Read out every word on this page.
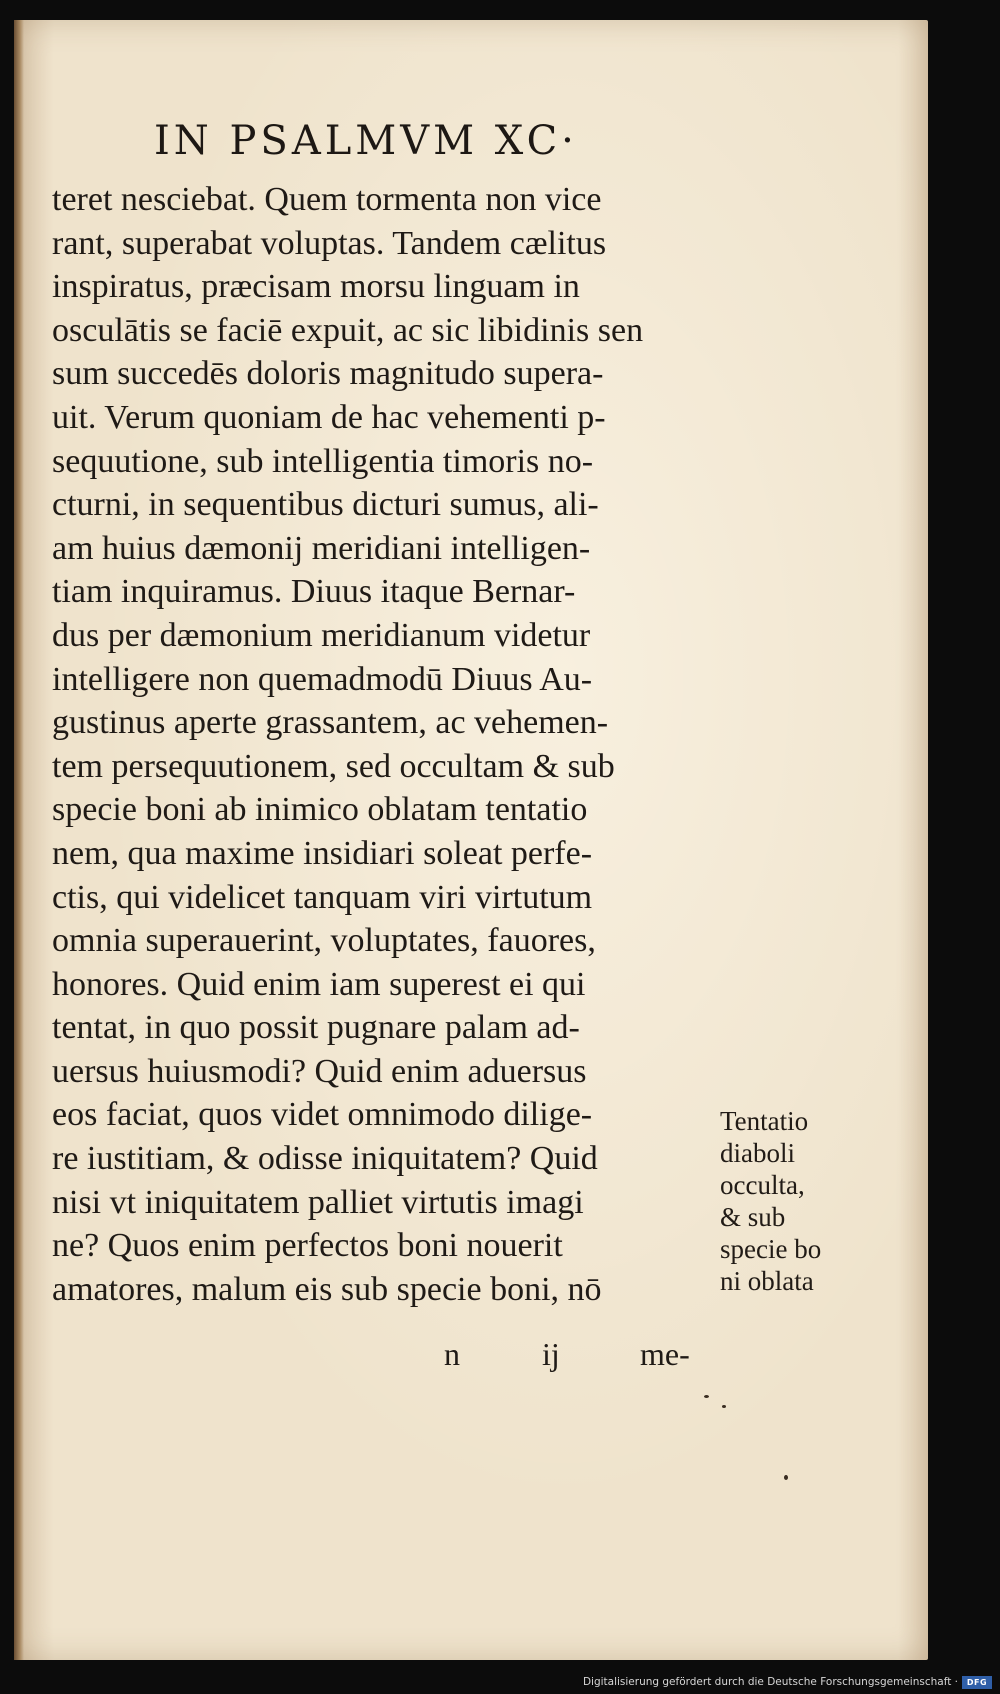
IN PSALMVM XC·
teret nesciebat. Quem tormenta non vice
rant, superabat voluptas. Tandem cælitus
inspiratus, præcisam morsu linguam in
osculātis se faciē expuit, ac sic libidinis sen
sum succedēs doloris magnitudo supera-
uit. Verum quoniam de hac vehementi p-
sequutione, sub intelligentia timoris no-
cturni, in sequentibus dicturi sumus, ali-
am huius dæmonij meridiani intelligen-
tiam inquiramus. Diuus itaque Bernar-
dus per dæmonium meridianum videtur
intelligere non quemadmodū Diuus Au-
gustinus aperte grassantem, ac vehemen-
tem persequutionem, sed occultam & sub
specie boni ab inimico oblatam tentatio
nem, qua maxime insidiari soleat perfe-
ctis, qui videlicet tanquam viri virtutum
omnia superauerint, voluptates, fauores,
honores. Quid enim iam superest ei qui
tentat, in quo possit pugnare palam ad-
uersus huiusmodi? Quid enim aduersus
eos faciat, quos videt omnimodo dilige-
re iustitiam, & odisse iniquitatem? Quid
nisi vt iniquitatem palliet virtutis imagi
ne? Quos enim perfectos boni nouerit
amatores, malum eis sub specie boni, nō
Tentatio
diaboli
occulta,
& sub
specie bo
ni oblata
n	ij	me-
Digitalisierung gefördert durch die Deutsche Forschungsgemeinschaft ·	DFG
